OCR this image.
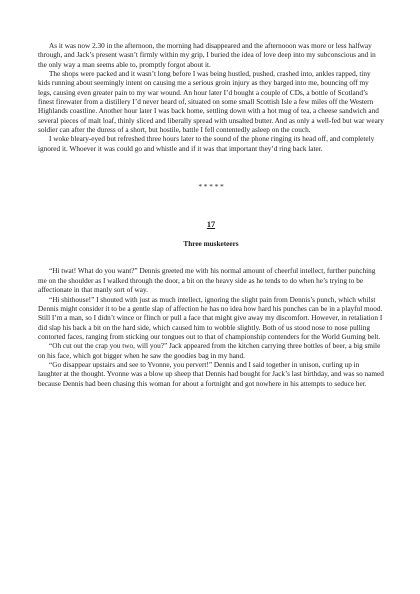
As it was now 2.30 in the afternoon, the morning had disappeared and the afternooon was more or less halfway through, and Jack’s present wasn’t firmly within my grip, I buried the idea of love deep into my subconscious and in the only way a man seems able to, promptly forgot about it.

The shops were packed and it wasn’t long before I was being hustled, pushed, crashed into, ankles rapped, tiny kids running about seemingly intent on causing me a serious groin injury as they barged into me, bouncing off my legs, causing even greater pain to my war wound. An hour later I’d bought a couple of CDs, a bottle of Scotland’s finest firewater from a distillery I’d never heard of, situated on some small Scottish Isle a few miles off the Western Highlands coastline. Another hour later I was back home, settling down with a hot mug of tea, a cheese sandwich and several pieces of malt loaf, thinly sliced and liberally spread with unsalted butter. And as only a well-fed but war weary soldier can after the duress of a short, but hostile, battle I fell contentedly asleep on the couch.

I woke bleary-eyed but refreshed three hours later to the sound of the phone ringing its head off, and completely ignored it. Whoever it was could go and whistle and if it was that important they’d ring back later.

* * * * *
17
Three musketeers

“Hi twat! What do you want?” Dennis greeted me with his normal amount of cheerful intellect, further punching me on the shoulder as I walked through the door, a bit on the heavy side as he tends to do when he’s trying to be affectionate in that manly sort of way.

“Hi shithouse!” I shouted with just as much intellect, ignoring the slight pain from Dennis’s punch, which whilst Dennis might consider it to be a gentle slap of affection he has no idea how hard his punches can be in a playful mood. Still I’m a man, so I didn’t wince or flinch or pull a face that might give away my discomfort. However, in retaliation I did slap his back a bit on the hard side, which caused him to wobble slightly. Both of us stood nose to nose pulling contorted faces, ranging from sticking our tongues out to that of championship contenders for the World Gurning belt.

“Oh cut out the crap you two, will you?” Jack appeared from the kitchen carrying three bottles of beer, a big smile on his face, which got bigger when he saw the goodies bag in my hand.

“Go disappear upstairs and see to Yvonne, you pervert!” Dennis and I said together in unison, curling up in laughter at the thought. Yvonne was a blow up sheep that Dennis had bought for Jack’s last birthday, and was so named because Dennis had been chasing this woman for about a fortnight and got nowhere in his attempts to seduce her.
